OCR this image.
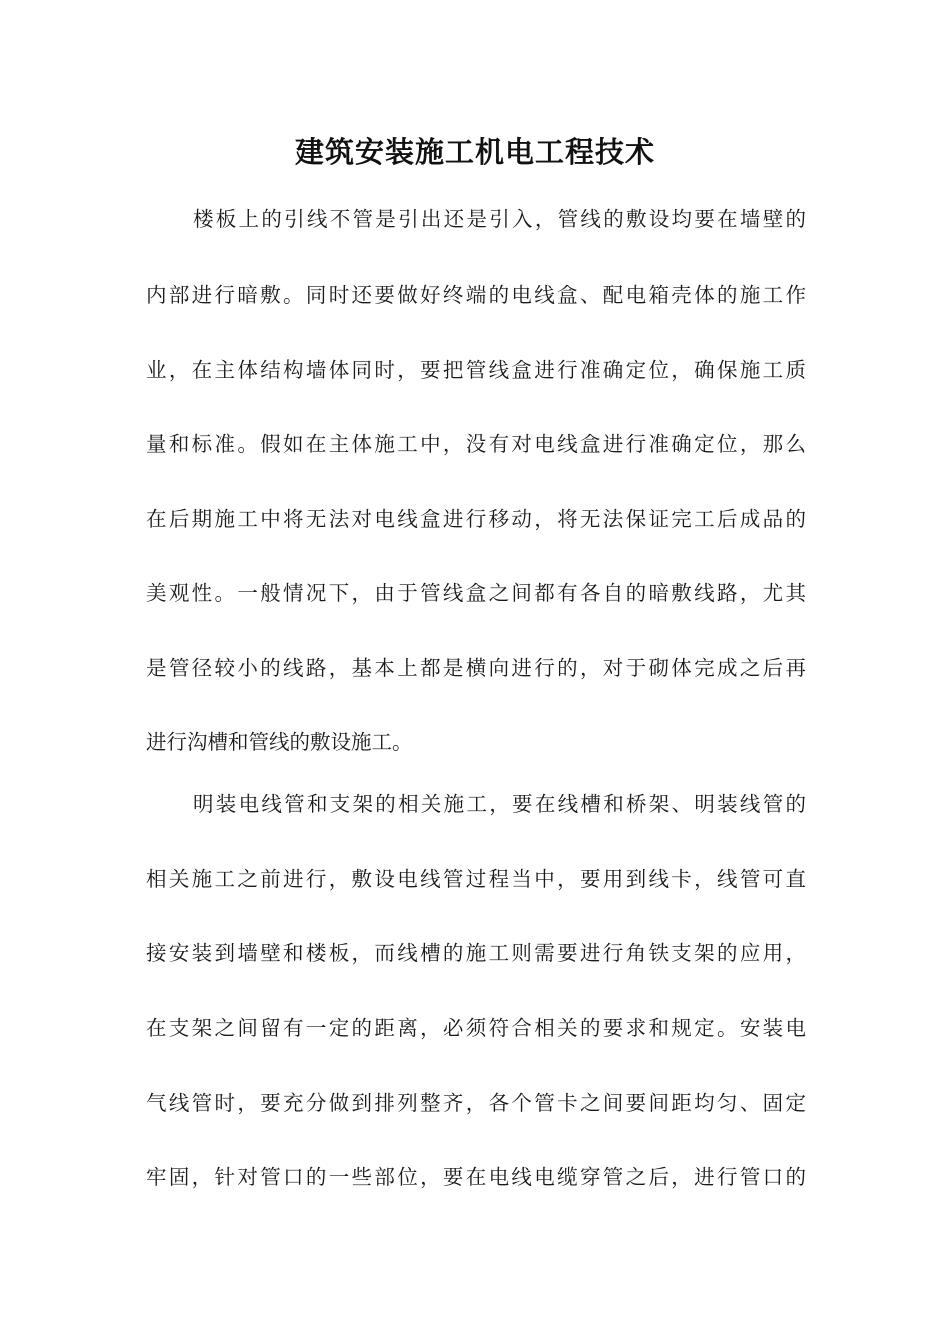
建筑安装施工机电工程技术

楼板上的引线不管是引出还是引入，管线的敷设均要在墙壁的

内部进行暗敷。同时还要做好终端的电线盒、配电箱壳体的施工作

业，在主体结构墙体同时，要把管线盒进行准确定位，确保施工质

量和标准。假如在主体施工中，没有对电线盒进行准确定位，那么

在后期施工中将无法对电线盒进行移动，将无法保证完工后成品的

美观性。一般情况下，由于管线盒之间都有各自的暗敷线路，尤其

是管径较小的线路，基本上都是横向进行的，对于砌体完成之后再

进行沟槽和管线的敷设施工。

明装电线管和支架的相关施工，要在线槽和桥架、明装线管的

相关施工之前进行，敷设电线管过程当中，要用到线卡，线管可直

接安装到墙壁和楼板，而线槽的施工则需要进行角铁支架的应用，

在支架之间留有一定的距离，必须符合相关的要求和规定。安装电

气线管时，要充分做到排列整齐，各个管卡之间要间距均匀、固定

牢固，针对管口的一些部位，要在电线电缆穿管之后，进行管口的
